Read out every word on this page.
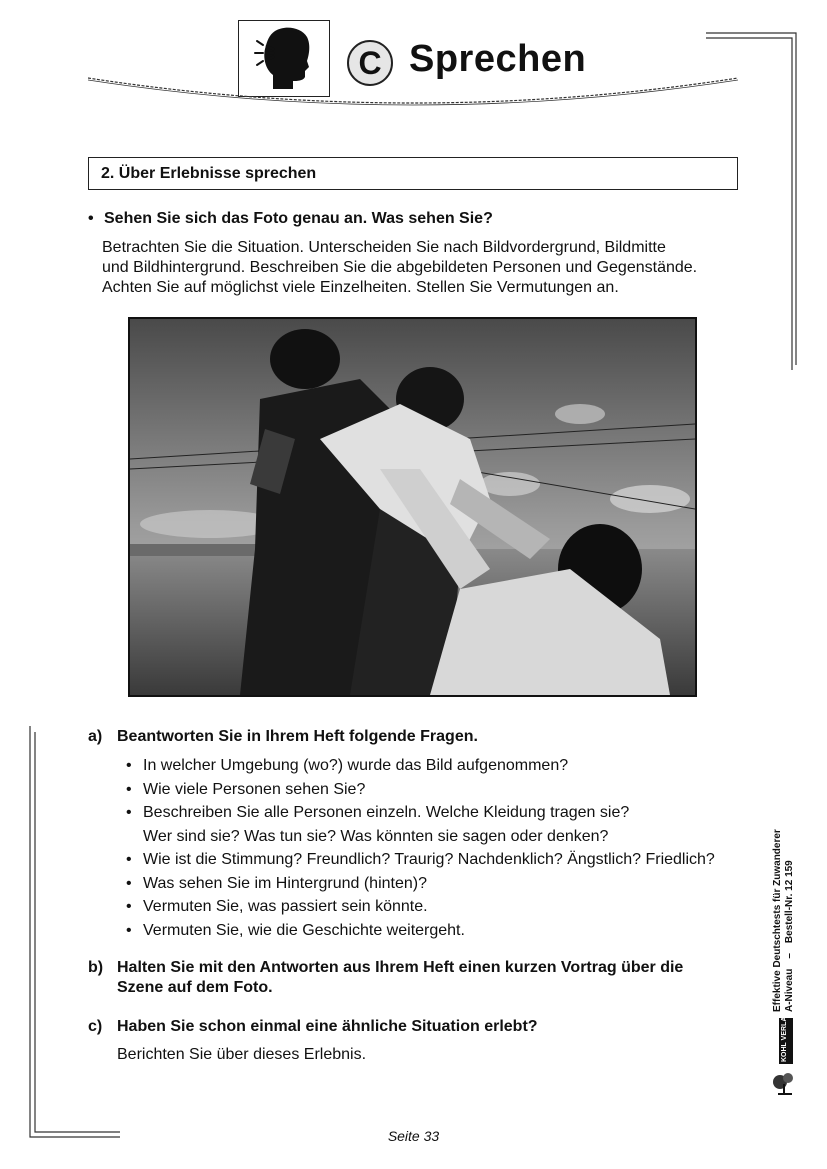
C Sprechen
2. Über Erlebnisse sprechen
• Sehen Sie sich das Foto genau an. Was sehen Sie?
Betrachten Sie die Situation. Unterscheiden Sie nach Bildvordergrund, Bildmitte
und Bildhintergrund. Beschreiben Sie die abgebildeten Personen und Gegenstände.
Achten Sie auf möglichst viele Einzelheiten. Stellen Sie Vermutungen an.
a) Beantworten Sie in Ihrem Heft folgende Fragen.
• In welcher Umgebung (wo?) wurde das Bild aufgenommen?
• Wie viele Personen sehen Sie?
• Beschreiben Sie alle Personen einzeln. Welche Kleidung tragen sie?
Wer sind sie? Was tun sie? Was könnten sie sagen oder denken?
• Wie ist die Stimmung? Freundlich? Traurig? Nachdenklich? Ängstlich? Friedlich?
• Was sehen Sie im Hintergrund (hinten)?
• Vermuten Sie, was passiert sein könnte.
• Vermuten Sie, wie die Geschichte weitergeht.
b) Halten Sie mit den Antworten aus Ihrem Heft einen kurzen Vortrag über die
Szene auf dem Foto.
c) Haben Sie schon einmal eine ähnliche Situation erlebt?
Berichten Sie über dieses Erlebnis.
Effektive Deutschtests für Zuwanderer A-Niveau–Bestell-Nr. 12 159
KOHL VERLAG
Seite 33
